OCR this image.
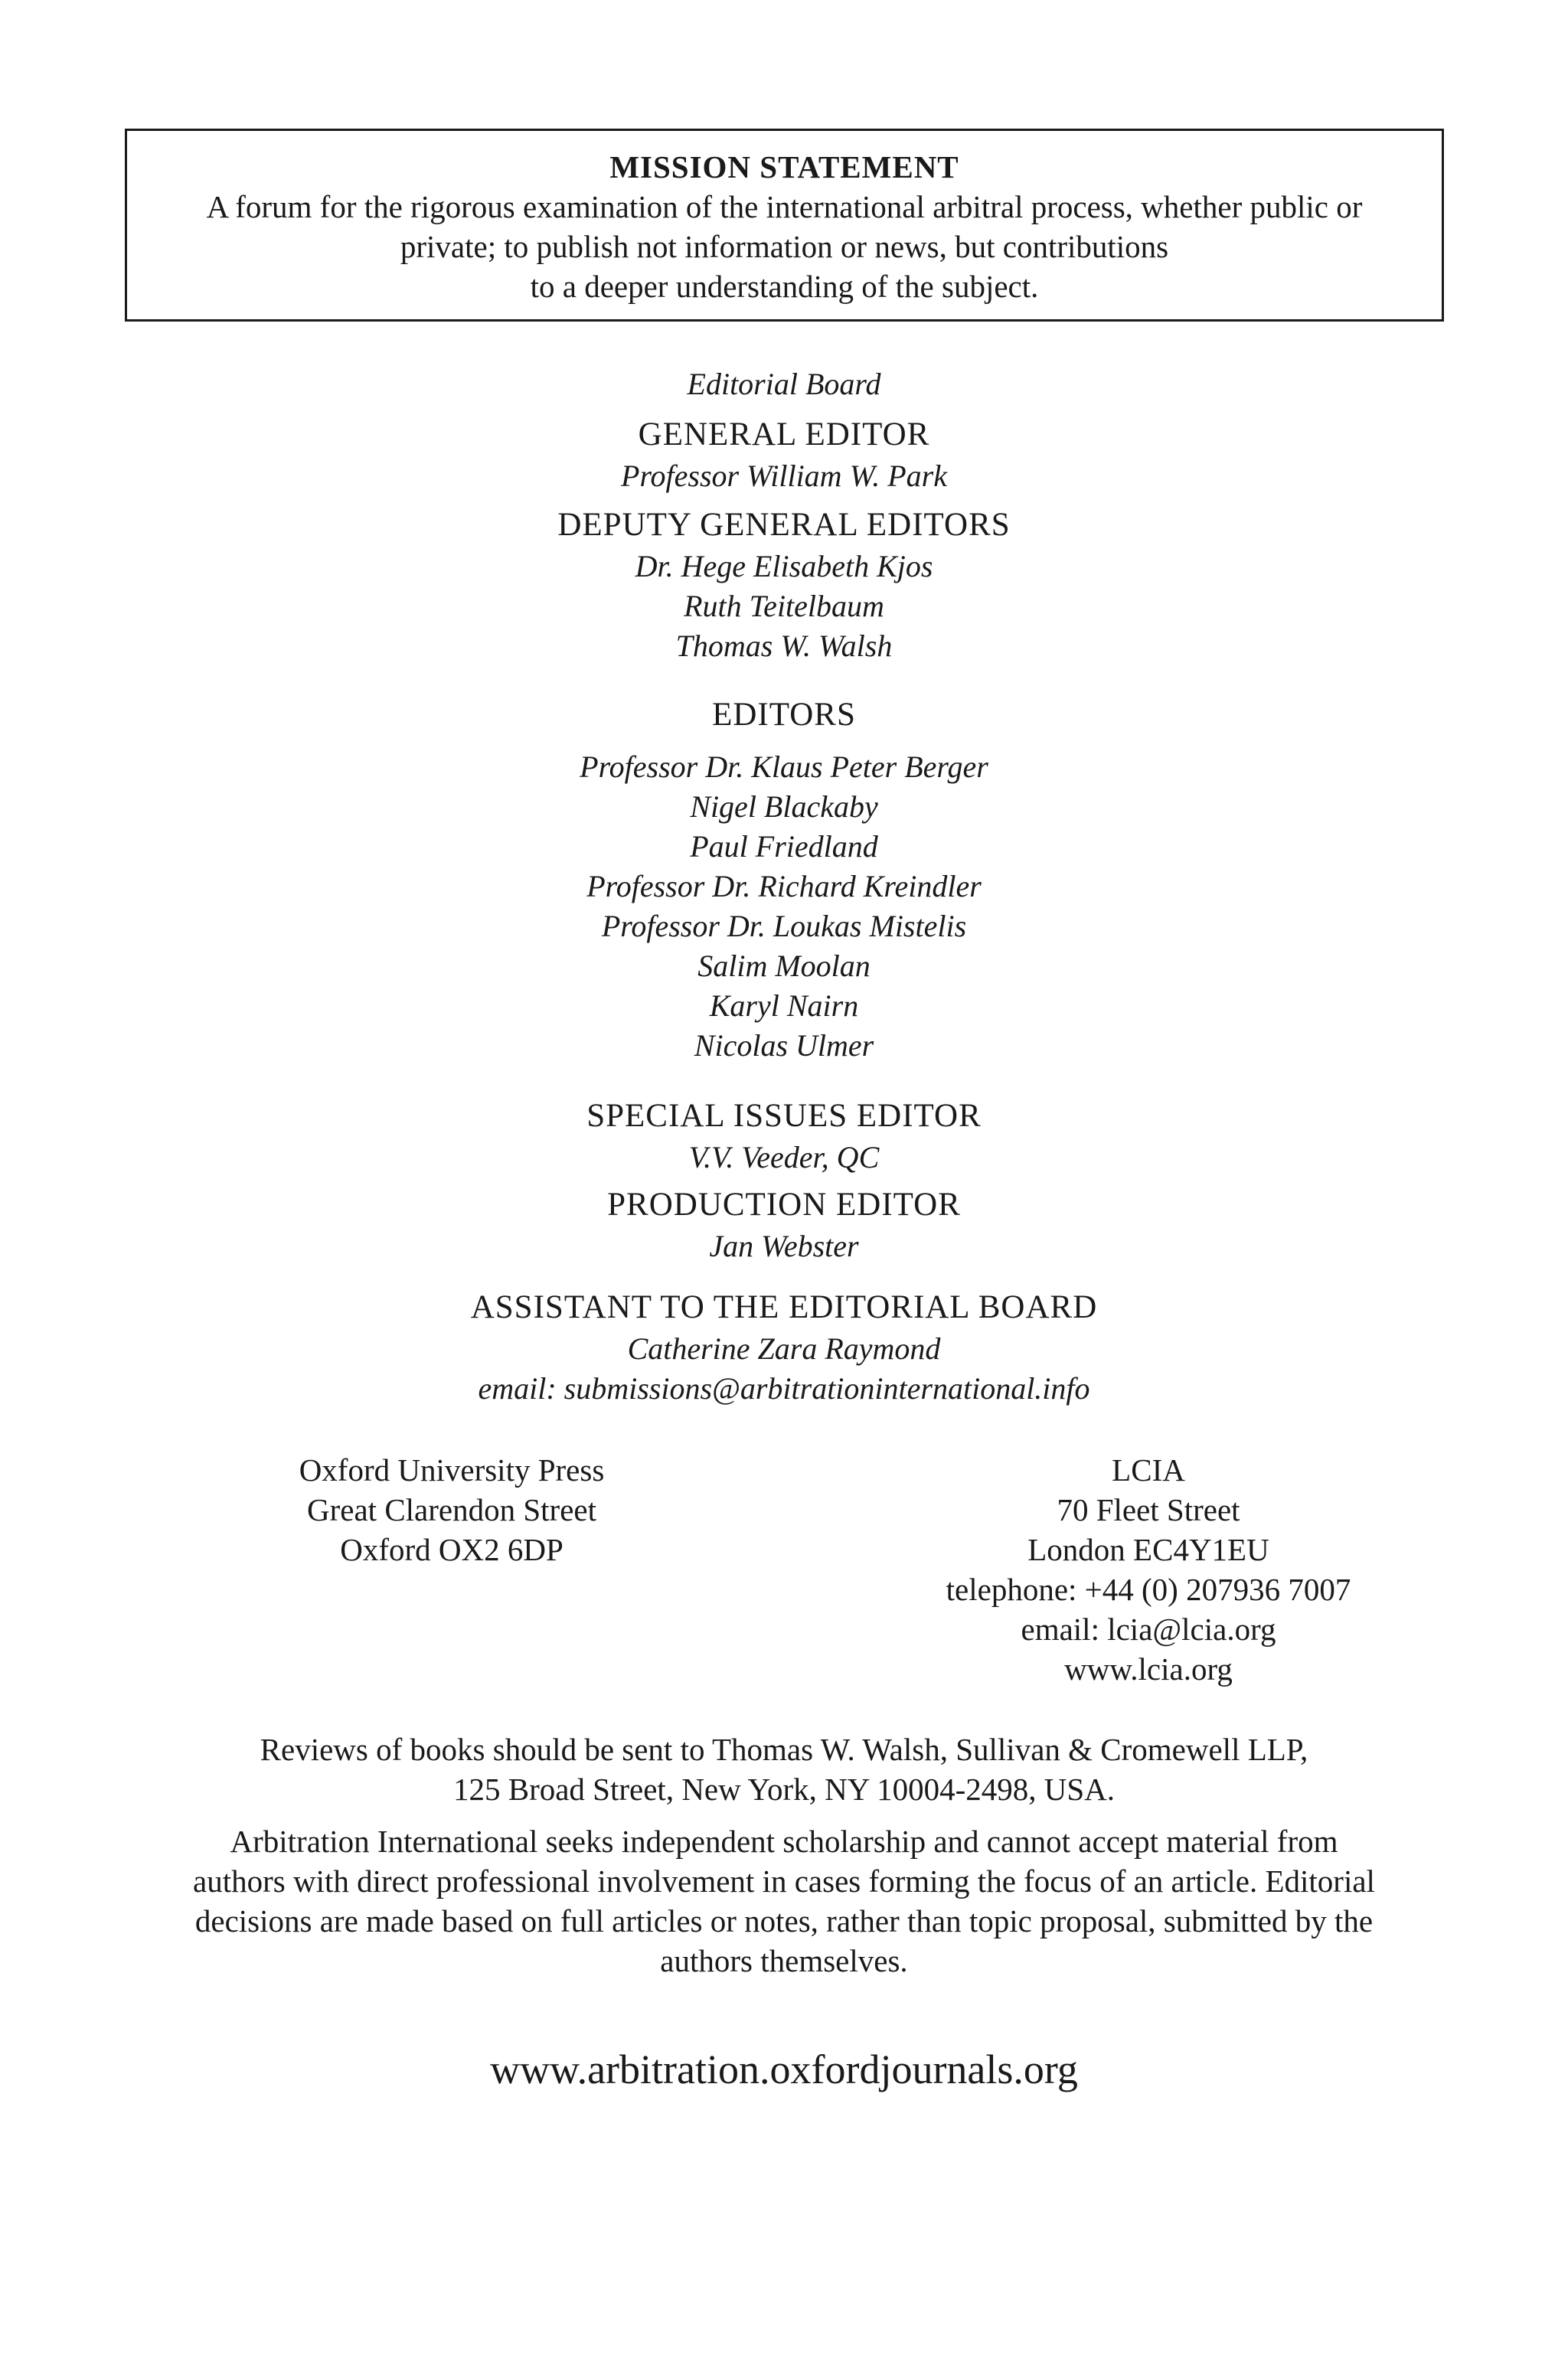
MISSION STATEMENT
A forum for the rigorous examination of the international arbitral process, whether public or
private; to publish not information or news, but contributions
to a deeper understanding of the subject.
Editorial Board
GENERAL EDITOR
Professor William W. Park
DEPUTY GENERAL EDITORS
Dr. Hege Elisabeth Kjos
Ruth Teitelbaum
Thomas W. Walsh
EDITORS
Professor Dr. Klaus Peter Berger
Nigel Blackaby
Paul Friedland
Professor Dr. Richard Kreindler
Professor Dr. Loukas Mistelis
Salim Moolan
Karyl Nairn
Nicolas Ulmer
SPECIAL ISSUES EDITOR
V.V. Veeder, QC
PRODUCTION EDITOR
Jan Webster
ASSISTANT TO THE EDITORIAL BOARD
Catherine Zara Raymond
email: submissions@arbitrationinternational.info
Oxford University Press
Great Clarendon Street
Oxford OX2 6DP
LCIA
70 Fleet Street
London EC4Y1EU
telephone: +44 (0) 207936 7007
email: lcia@lcia.org
www.lcia.org
Reviews of books should be sent to Thomas W. Walsh, Sullivan & Cromewell LLP,
125 Broad Street, New York, NY 10004-2498, USA.
Arbitration International seeks independent scholarship and cannot accept material from
authors with direct professional involvement in cases forming the focus of an article. Editorial
decisions are made based on full articles or notes, rather than topic proposal, submitted by the
authors themselves.
www.arbitration.oxfordjournals.org
